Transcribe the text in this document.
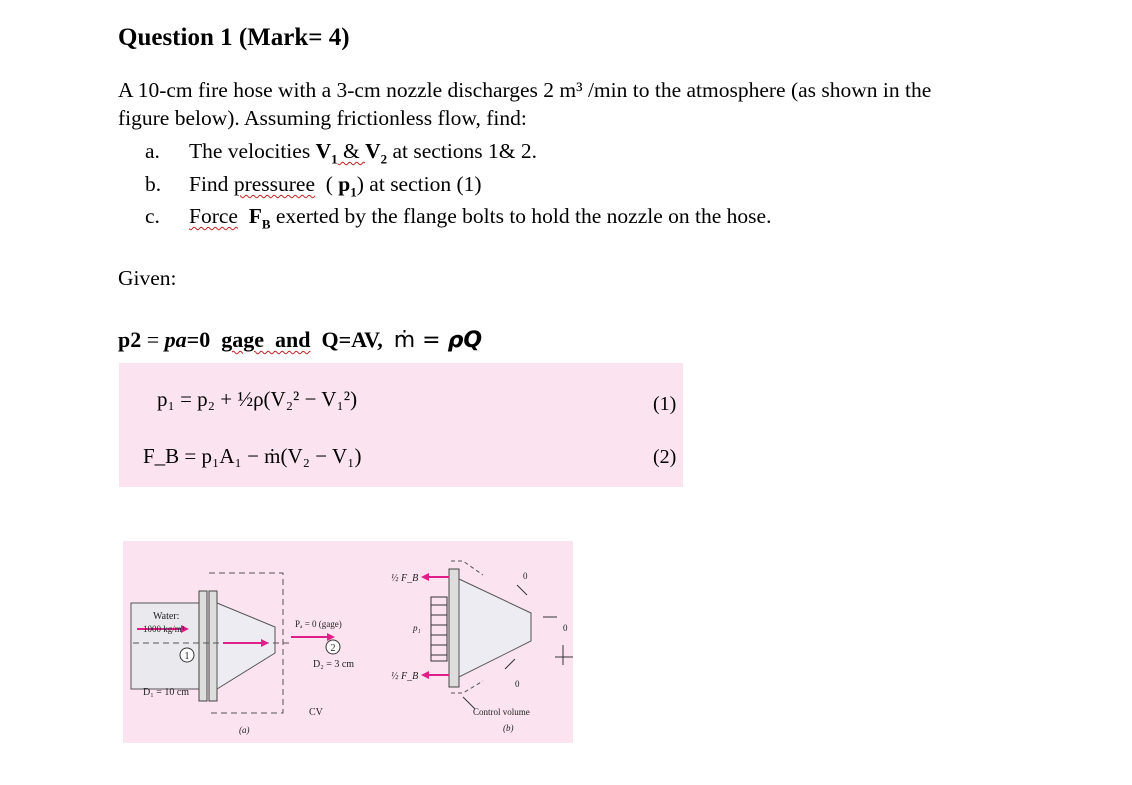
Question 1 (Mark= 4)
A 10-cm fire hose with a 3-cm nozzle discharges 2 m³ /min to the atmosphere (as shown in the
figure below). Assuming frictionless flow, find:
a. The velocities $V_1$ & $V_2$ at sections 1& 2.
b. Find pressuree  ( $p_1$) at section (1)
c. Force $F_B$ exerted by the flange bolts to hold the nozzle on the hose.
Given:

p2 = pa=0  gage  and  Q=AV,  ṁ = ρQ

p₁ = p₂ + ½ρ(V₂² − V₁²)	(1)
F_B = p₁A₁ − ṁ(V₂ − V₁)	(2)
1
2
Water:
1000 kg/m³
D₁ = 10 cm
Pₐ = 0 (gage)
D₂ = 3 cm
CV
(a)
½ F_B
½ F_B
p₁
0
0
0
Control volume
(b)
